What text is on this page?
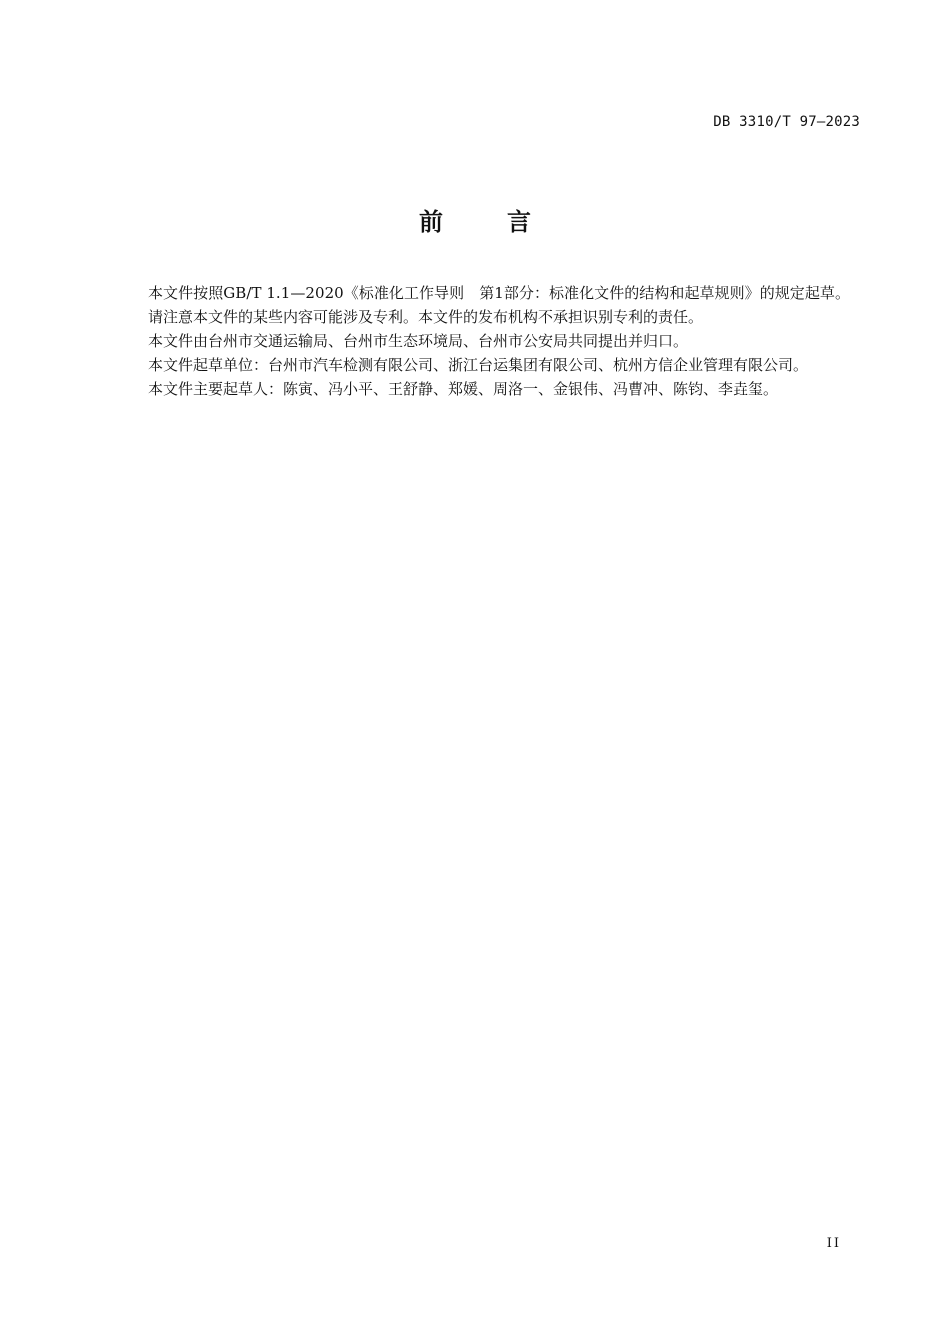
DB 3310/T 97—2023
前	言

本文件按照GB/T 1.1—2020《标准化工作导则　第1部分：标准化文件的结构和起草规则》的规定起草。

请注意本文件的某些内容可能涉及专利。本文件的发布机构不承担识别专利的责任。

本文件由台州市交通运输局、台州市生态环境局、台州市公安局共同提出并归口。

本文件起草单位：台州市汽车检测有限公司、浙江台运集团有限公司、杭州方信企业管理有限公司。

本文件主要起草人：陈寅、冯小平、王舒静、郑媛、周洛一、金银伟、冯曹冲、陈钧、李垚玺。

II
